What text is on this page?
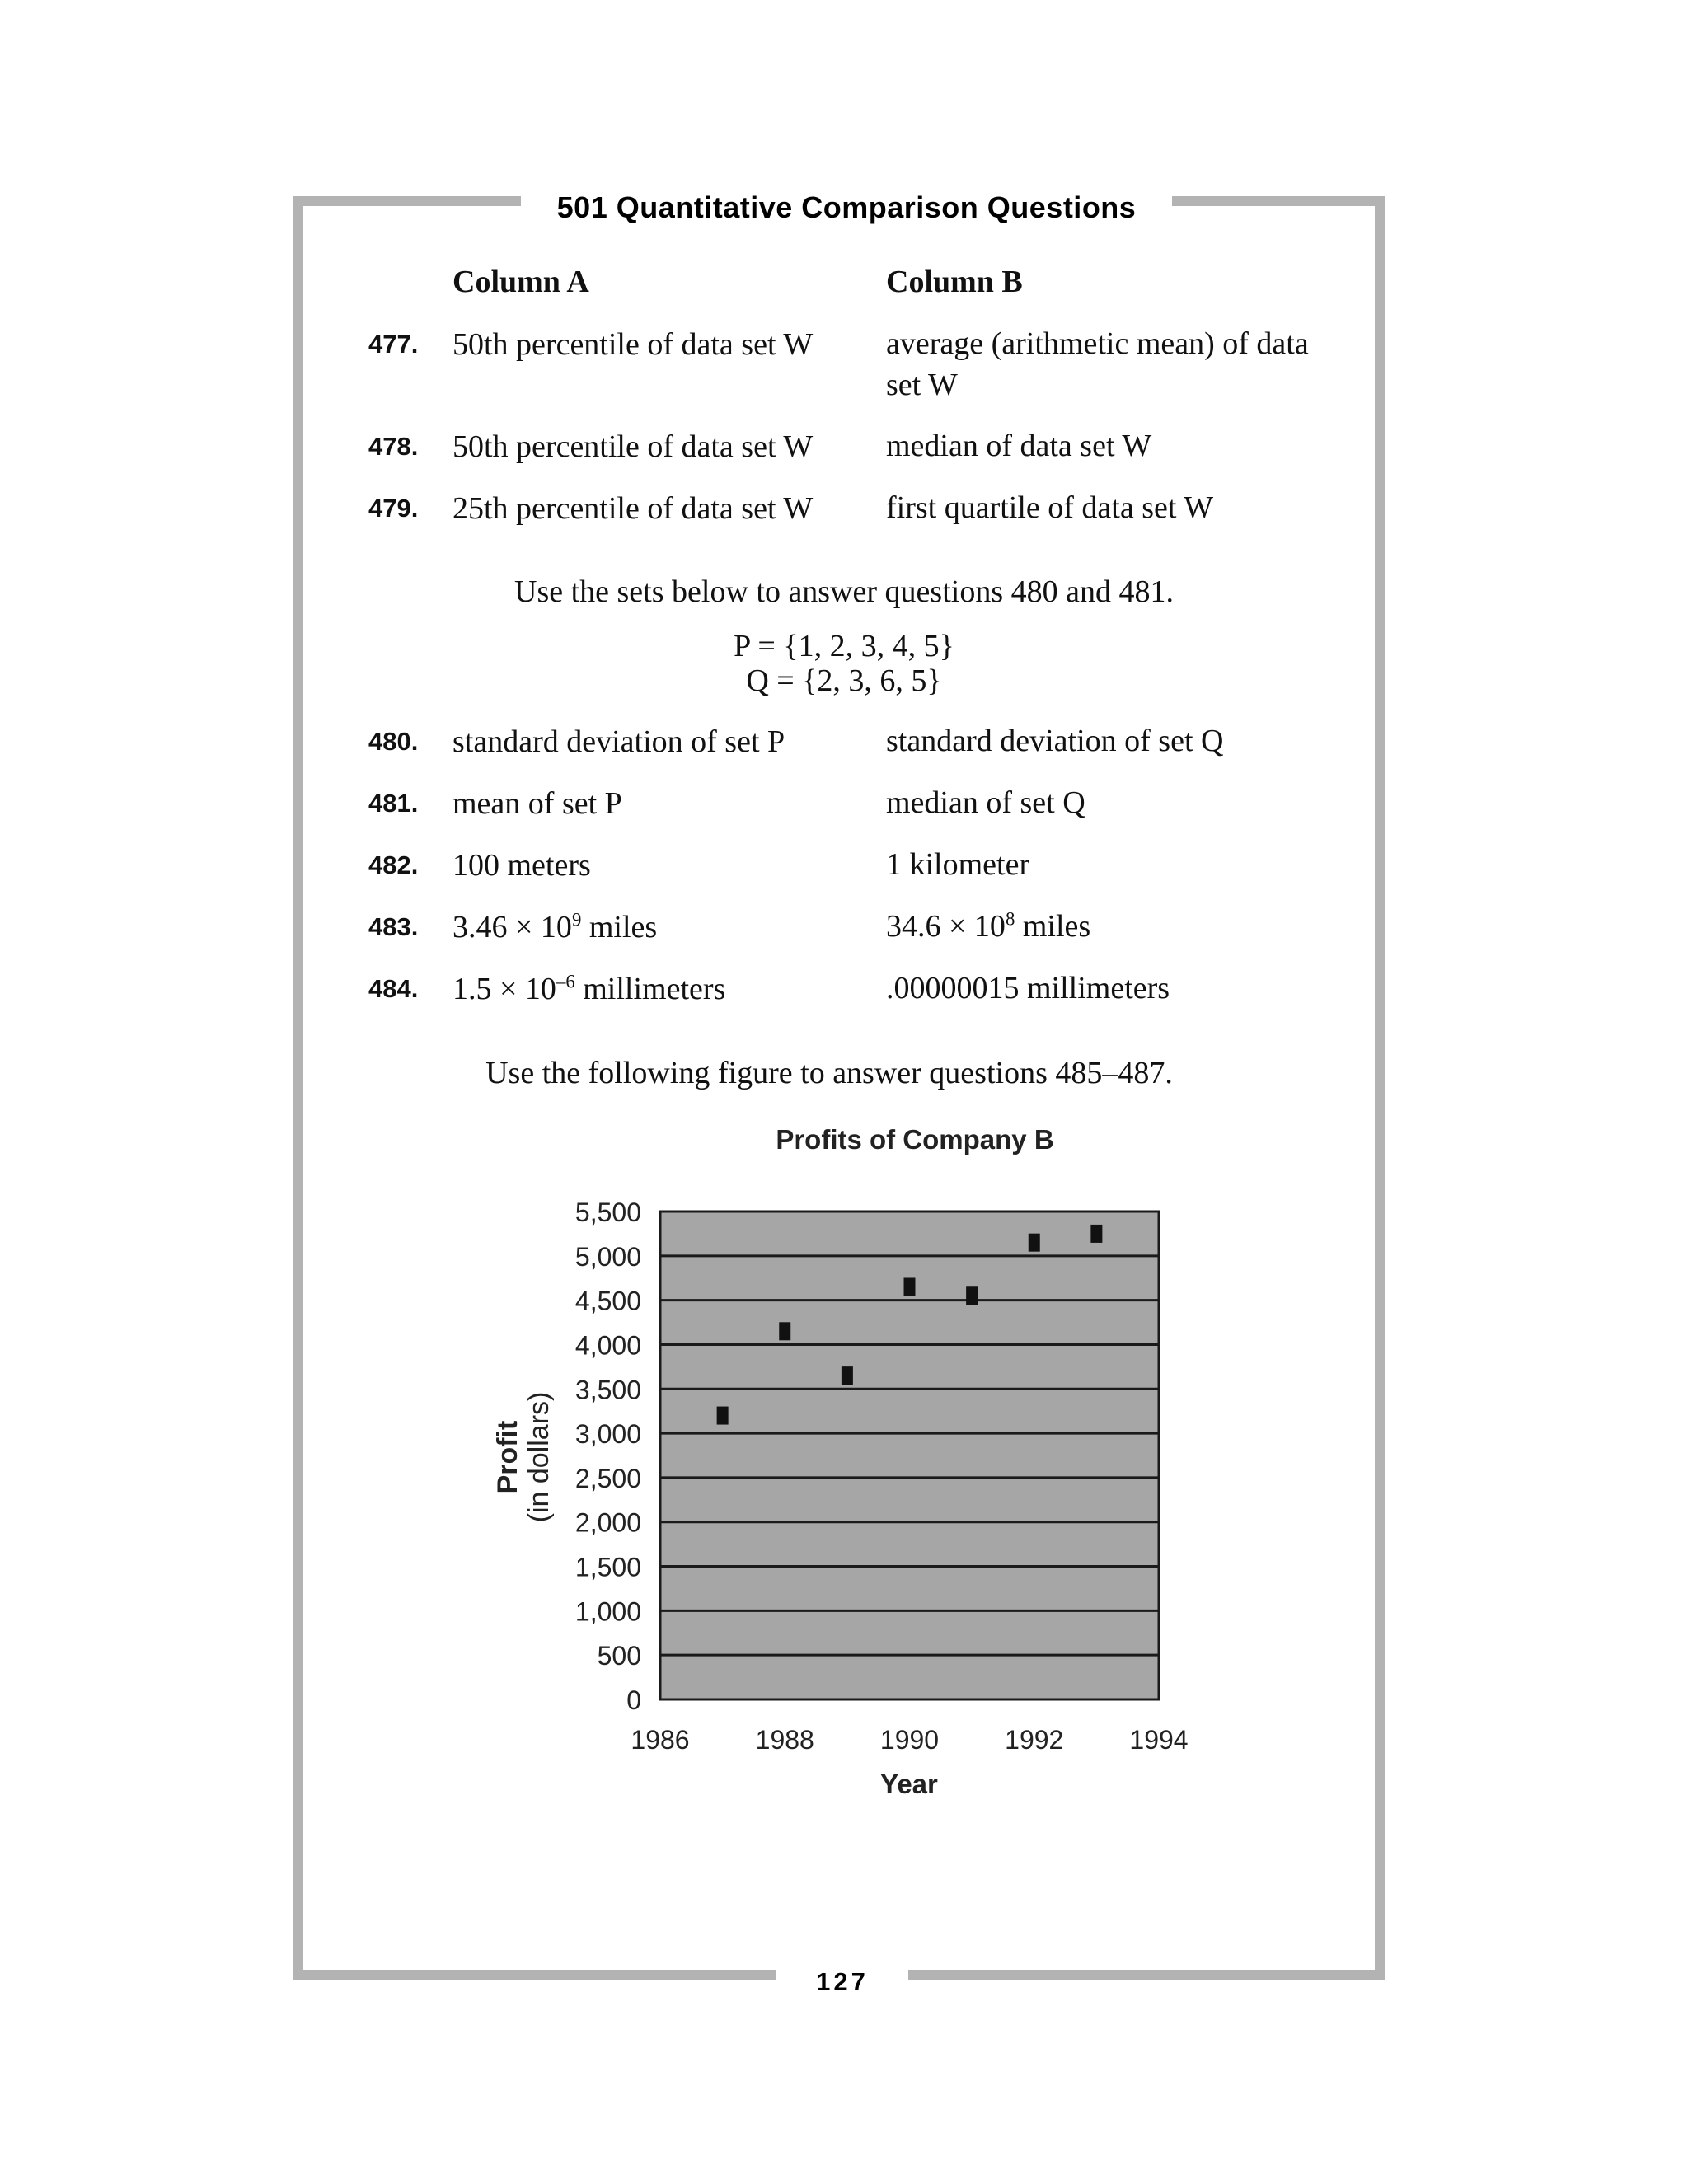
501 Quantitative Comparison Questions
Column A	Column B
477. 50th percentile of data set W	average (arithmetic mean) of data set W
478. 50th percentile of data set W	median of data set W
479. 25th percentile of data set W	first quartile of data set W
Use the sets below to answer questions 480 and 481.
P = {1, 2, 3, 4, 5}
Q = {2, 3, 6, 5}
480. standard deviation of set P	standard deviation of set Q
481. mean of set P	median of set Q
482. 100 meters	1 kilometer
483. $3.46 \times 10^9$ miles	$34.6 \times 10^8$ miles
484. $1.5 \times 10^{-6}$ millimeters	.00000015 millimeters
Use the following figure to answer questions 485–487.
Profits of Company B
5,500
5,000
4,500
4,000
3,500
3,000
2,500
2,000
1,500
1,000
500
0
1986	1988	1990	1992	1994
Profit (in dollars)
Year
127
